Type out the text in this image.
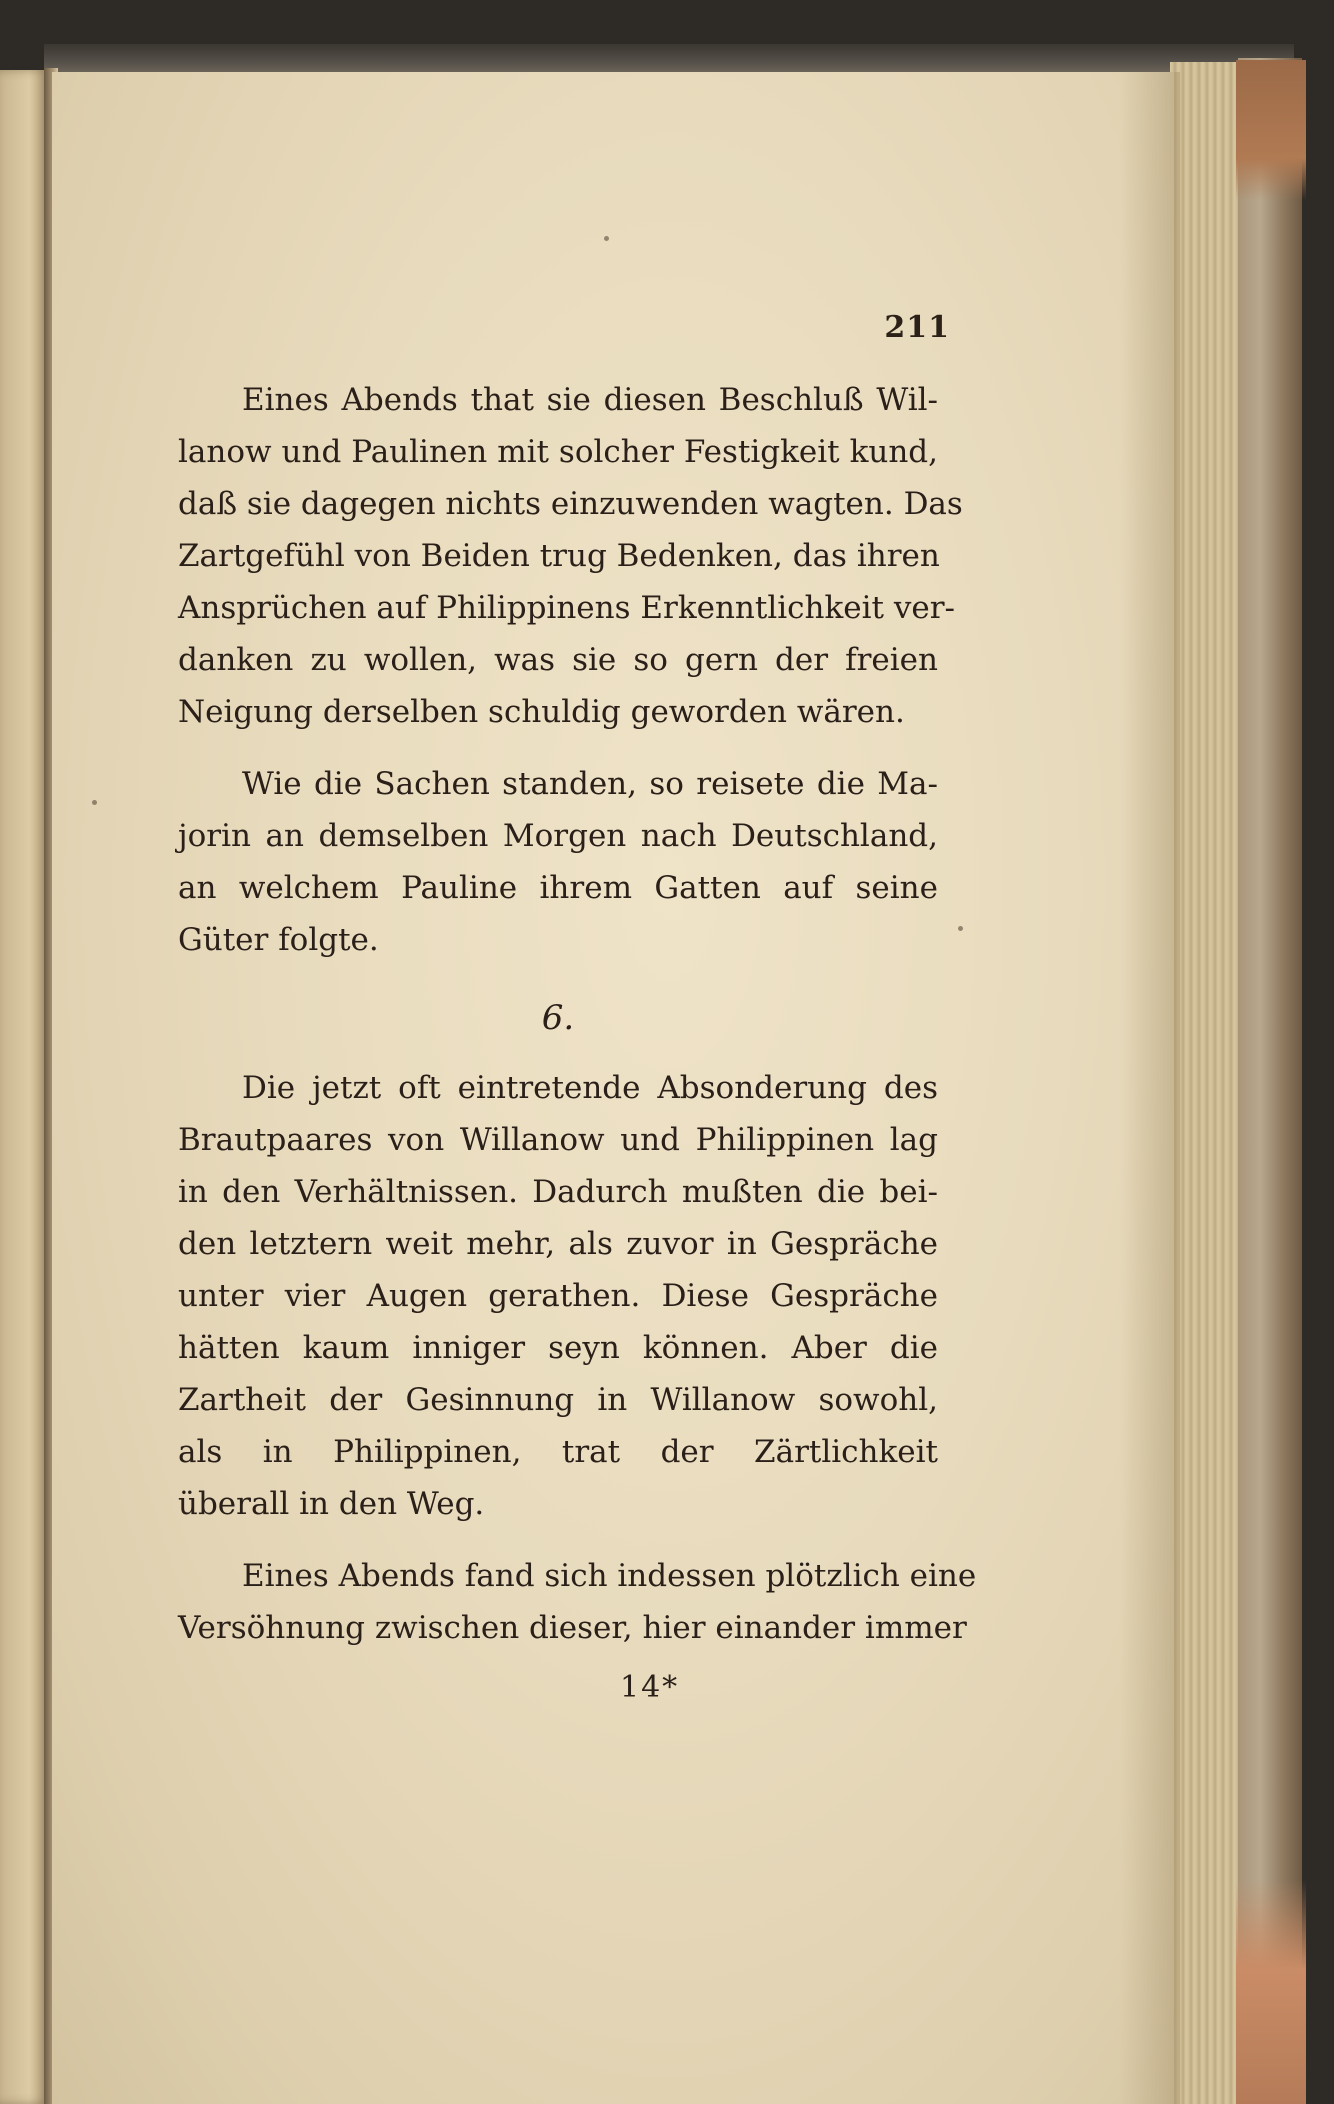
211

Eines Abends that sie diesen Beschluß Wil-
lanow und Paulinen mit solcher Festigkeit kund,
daß sie dagegen nichts einzuwenden wagten. Das
Zartgefühl von Beiden trug Bedenken, das ihren
Ansprüchen auf Philippinens Erkenntlichkeit ver-
danken zu wollen, was sie so gern der freien
Neigung derselben schuldig geworden wären.

Wie die Sachen standen, so reisete die Ma-
jorin an demselben Morgen nach Deutschland,
an welchem Pauline ihrem Gatten auf seine
Güter folgte.

6.

Die jetzt oft eintretende Absonderung des
Brautpaares von Willanow und Philippinen lag
in den Verhältnissen. Dadurch mußten die bei-
den letztern weit mehr, als zuvor in Gespräche
unter vier Augen gerathen. Diese Gespräche
hätten kaum inniger seyn können. Aber die
Zartheit der Gesinnung in Willanow sowohl,
als in Philippinen, trat der Zärtlichkeit
überall in den Weg.

Eines Abends fand sich indessen plötzlich eine
Versöhnung zwischen dieser, hier einander immer

14*
